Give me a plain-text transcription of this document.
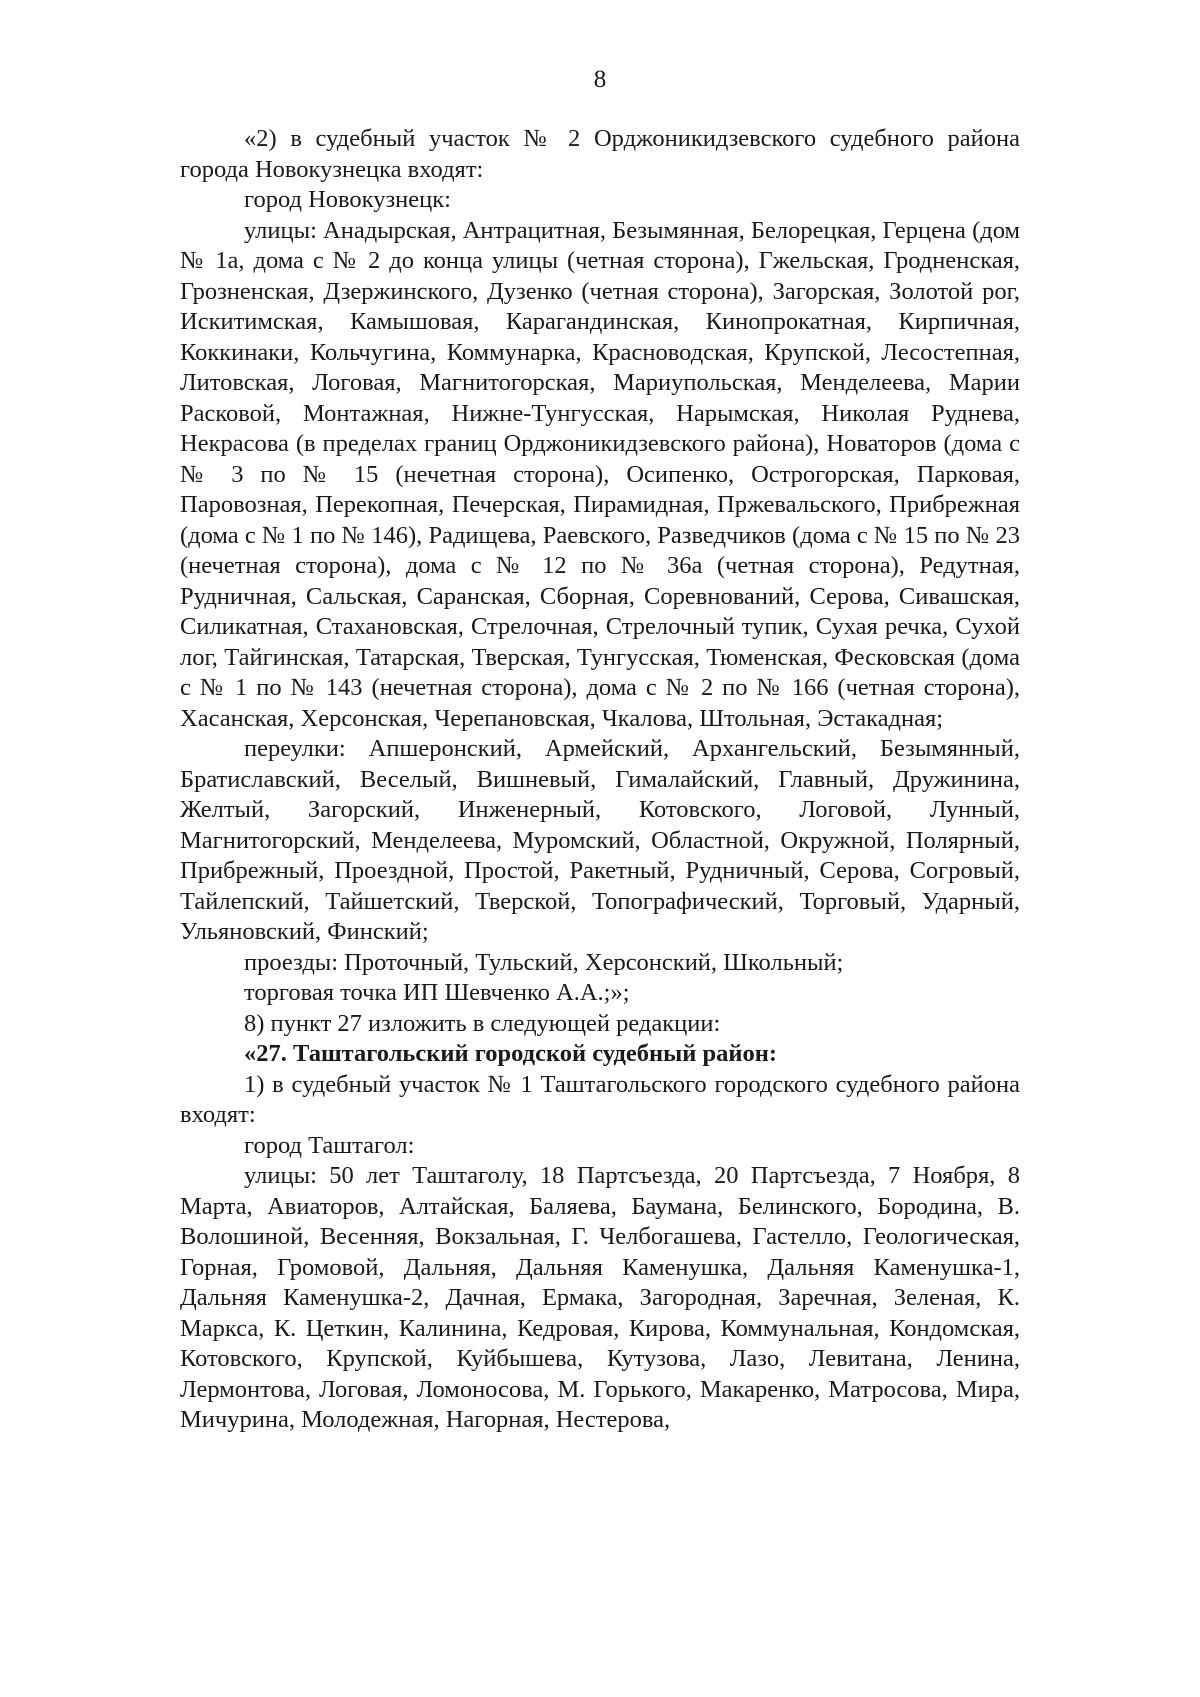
8

«2) в судебный участок № 2 Орджоникидзевского судебного района города Новокузнецка входят:

город Новокузнецк:

улицы: Анадырская, Антрацитная, Безымянная, Белорецкая, Герцена (дом № 1а, дома с № 2 до конца улицы (четная сторона), Гжельская, Гродненская, Грозненская, Дзержинского, Дузенко (четная сторона), Загорская, Золотой рог, Искитимская, Камышовая, Карагандинская, Кинопрокатная, Кирпичная, Коккинаки, Кольчугина, Коммунарка, Красноводская, Крупской, Лесостепная, Литовская, Логовая, Магнитогорская, Мариупольская, Менделеева, Марии Расковой, Монтажная, Нижне-Тунгусская, Нарымская, Николая Руднева, Некрасова (в пределах границ Орджоникидзевского района), Новаторов (дома с № 3 по № 15 (нечетная сторона), Осипенко, Острогорская, Парковая, Паровозная, Перекопная, Печерская, Пирамидная, Пржевальского, Прибрежная (дома с № 1 по № 146), Радищева, Раевского, Разведчиков (дома с № 15 по № 23 (нечетная сторона), дома с № 12 по № 36а (четная сторона), Редутная, Рудничная, Сальская, Саранская, Сборная, Соревнований, Серова, Сивашская, Силикатная, Стахановская, Стрелочная, Стрелочный тупик, Сухая речка, Сухой лог, Тайгинская, Татарская, Тверская, Тунгусская, Тюменская, Фесковская (дома с № 1 по № 143 (нечетная сторона), дома с № 2 по № 166 (четная сторона), Хасанская, Херсонская, Черепановская, Чкалова, Штольная, Эстакадная;

переулки: Апшеронский, Армейский, Архангельский, Безымянный, Братиславский, Веселый, Вишневый, Гималайский, Главный, Дружинина, Желтый, Загорский, Инженерный, Котовского, Логовой, Лунный, Магнитогорский, Менделеева, Муромский, Областной, Окружной, Полярный, Прибрежный, Проездной, Простой, Ракетный, Рудничный, Серова, Согровый, Тайлепский, Тайшетский, Тверской, Топографический, Торговый, Ударный, Ульяновский, Финский;

проезды: Проточный, Тульский, Херсонский, Школьный;

торговая точка ИП Шевченко А.А.;»;

8) пункт 27 изложить в следующей редакции:

«27. Таштагольский городской судебный район:

1) в судебный участок № 1 Таштагольского городского судебного района входят:

город Таштагол:

улицы: 50 лет Таштаголу, 18 Партсъезда, 20 Партсъезда, 7 Ноября, 8 Марта, Авиаторов, Алтайская, Баляева, Баумана, Белинского, Бородина, В. Волошиной, Весенняя, Вокзальная, Г. Челбогашева, Гастелло, Геологическая, Горная, Громовой, Дальняя, Дальняя Каменушка, Дальняя Каменушка-1, Дальняя Каменушка-2, Дачная, Ермака, Загородная, Заречная, Зеленая, К. Маркса, К. Цеткин, Калинина, Кедровая, Кирова, Коммунальная, Кондомская, Котовского, Крупской, Куйбышева, Кутузова, Лазо, Левитана, Ленина, Лермонтова, Логовая, Ломоносова, М. Горького, Макаренко, Матросова, Мира, Мичурина, Молодежная, Нагорная, Нестерова,
